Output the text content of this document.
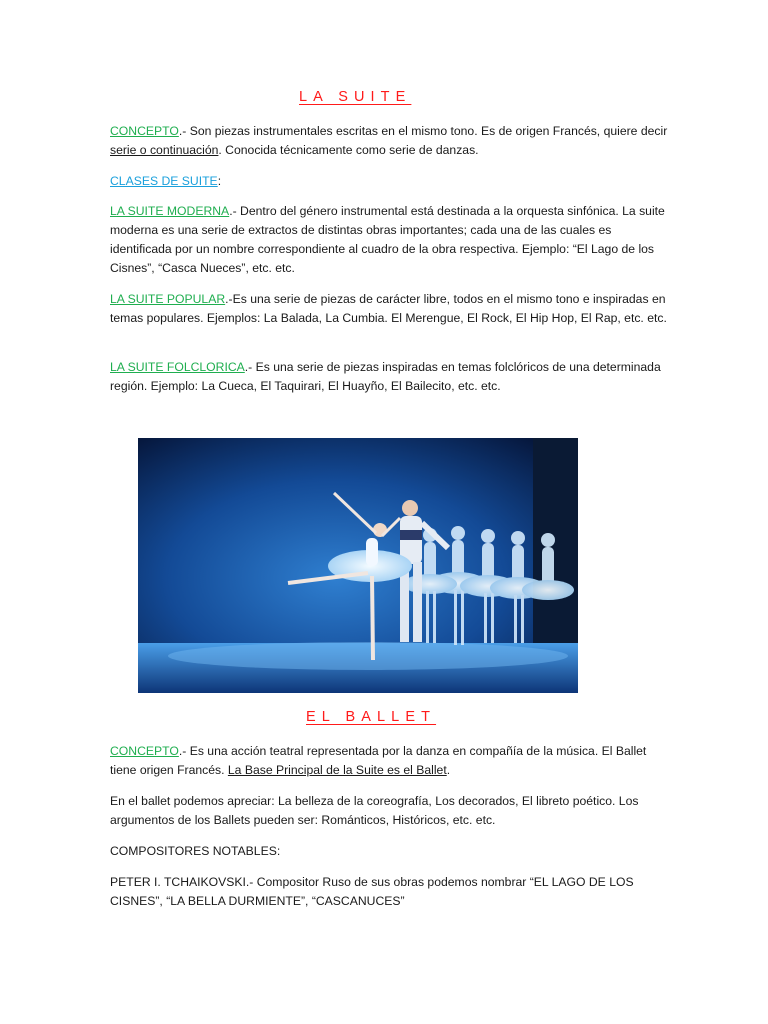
LA SUITE

CONCEPTO.- Son piezas instrumentales escritas en el mismo tono. Es de origen Francés, quiere decir serie o continuación. Conocida técnicamente como serie de danzas.

CLASES DE SUITE:

LA SUITE MODERNA.- Dentro del género instrumental está destinada a la orquesta sinfónica. La suite moderna es una serie de extractos de distintas obras importantes; cada una de las cuales es identificada por un nombre correspondiente al cuadro de la obra respectiva. Ejemplo: “El Lago de los Cisnes”, “Casca Nueces”, etc. etc.

LA SUITE POPULAR.-Es una serie de piezas de carácter libre, todos en el mismo tono e inspiradas en temas populares. Ejemplos: La Balada, La Cumbia. El Merengue, El Rock, El Hip Hop, El Rap, etc. etc.

LA SUITE FOLCLORICA.- Es una serie de piezas inspiradas en temas folclóricos de una determinada región. Ejemplo: La Cueca, El Taquirari, El Huayño, El Bailecito, etc. etc.

EL BALLET

CONCEPTO.- Es una acción teatral representada por la danza en compañía de la música. El Ballet tiene origen Francés. La Base Principal de la Suite es el Ballet.

En el ballet podemos apreciar: La belleza de la coreografía, Los decorados, El libreto poético. Los argumentos de los Ballets pueden ser: Románticos, Históricos, etc. etc.

COMPOSITORES NOTABLES:

PETER I. TCHAIKOVSKI.- Compositor Ruso de sus obras podemos nombrar “EL LAGO DE LOS CISNES”, “LA BELLA DURMIENTE”, “CASCANUCES”
